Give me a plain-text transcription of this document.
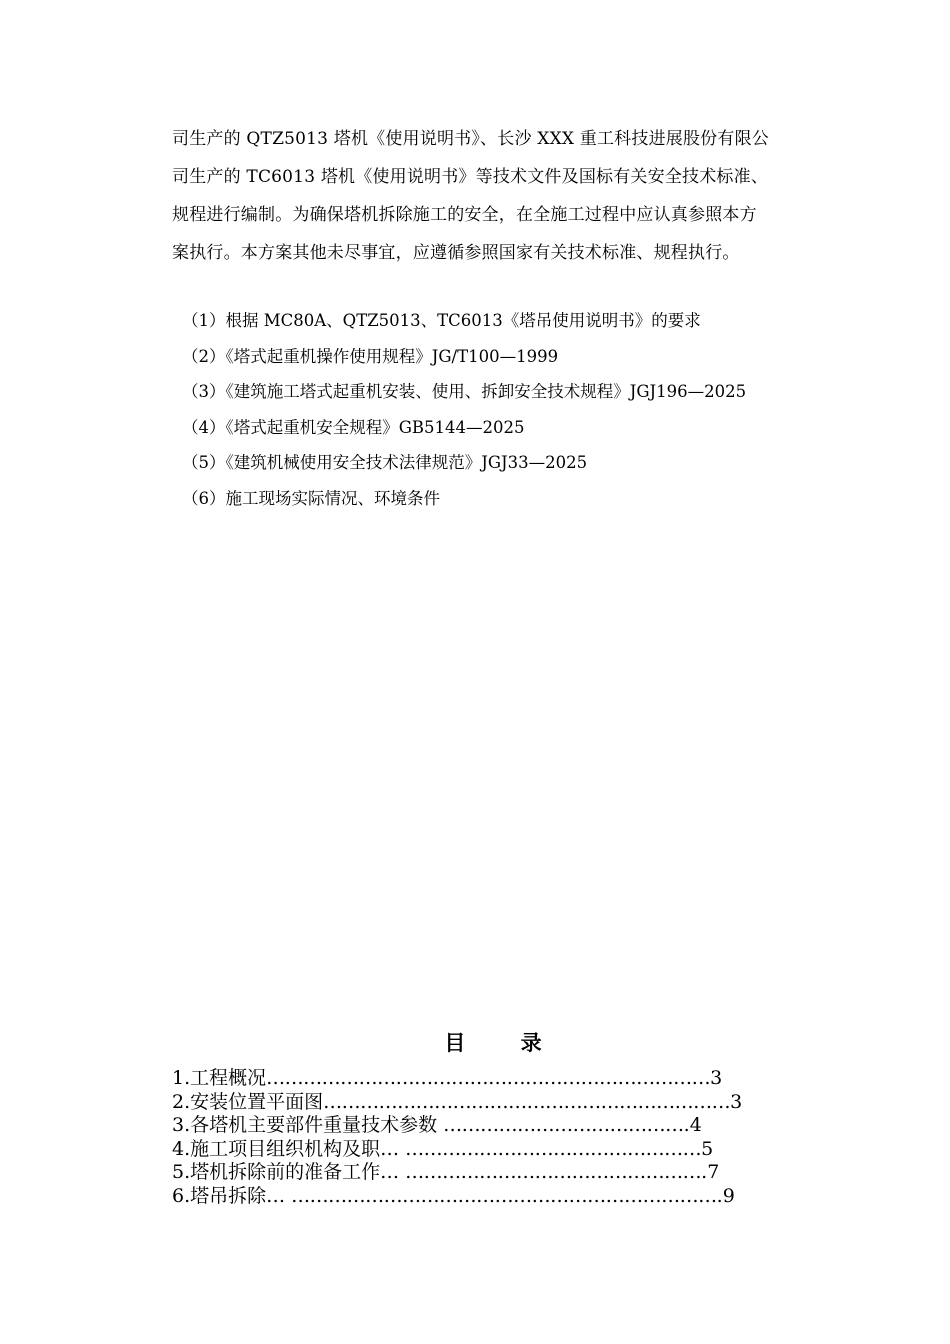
司生产的 QTZ5013 塔机《使用说明书》、长沙 XXX 重工科技进展股份有限公
司生产的 TC6013 塔机《使用说明书》等技术文件及国标有关安全技术标准、
规程进行编制。为确保塔机拆除施工的安全，在全施工过程中应认真参照本方
案执行。本方案其他未尽事宜，应遵循参照国家有关技术标准、规程执行。
（1）根据 MC80A、QTZ5013、TC6013《塔吊使用说明书》的要求
（2）《塔式起重机操作使用规程》JG/T100—1999
（3）《建筑施工塔式起重机安装、使用、拆卸安全技术规程》JGJ196—2025
（4）《塔式起重机安全规程》GB5144—2025
（5）《建筑机械使用安全技术法律规范》JGJ33—2025
（6）施工现场实际情况、环境条件
目 录
1.工程概况………………………………………………………………3
2.安装位置平面图…………………………………………………………3
3.各塔机主要部件重量技术参数 ………………………………….4
4.施工项目组织机构及职… …………………………………………5
5.塔机拆除前的准备工作… ………………………………………….7
6.塔吊拆除… …………………………………………………………….9
